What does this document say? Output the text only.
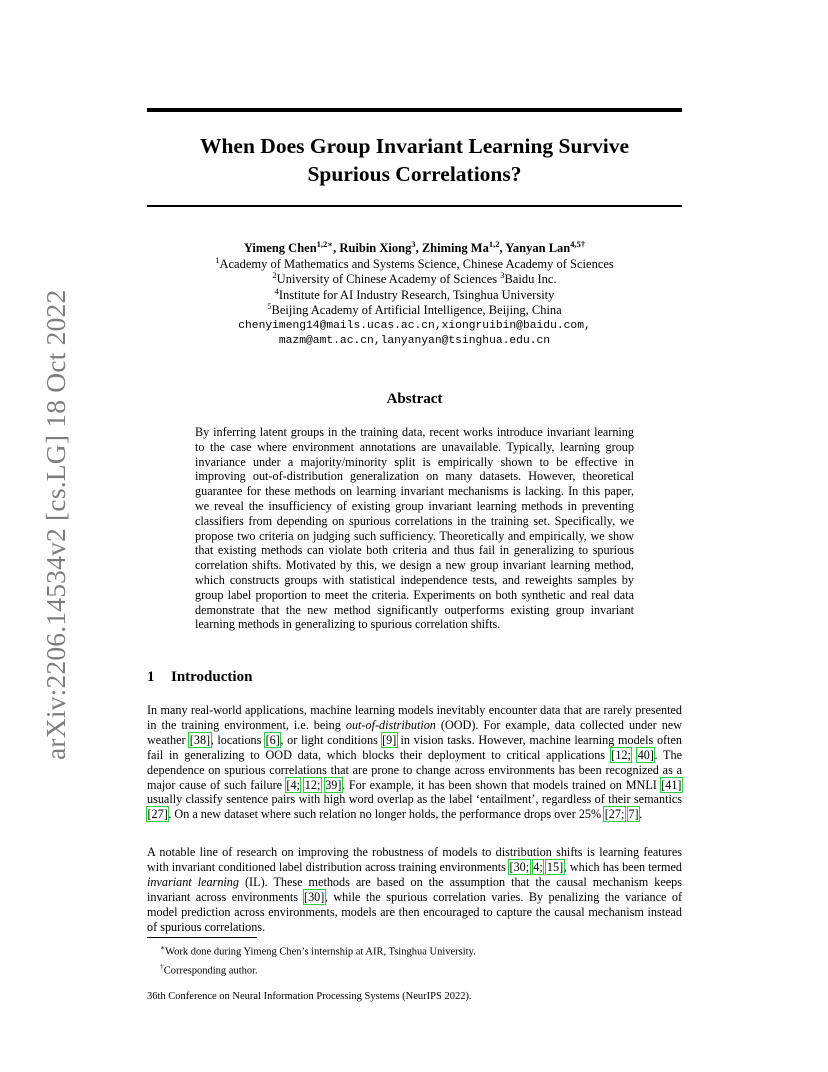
arXiv:2206.14534v2 [cs.LG] 18 Oct 2022
When Does Group Invariant Learning Survive
Spurious Correlations?
Yimeng Chen$^{1,2∗}$, Ruibin Xiong$^3$, Zhiming Ma$^{1,2}$, Yanyan Lan$^{4,5\dagger}$
$^1$Academy of Mathematics and Systems Science, Chinese Academy of Sciences
$^2$University of Chinese Academy of Sciences $^3$Baidu Inc.
$^4$Institute for AI Industry Research, Tsinghua University
$^5$Beijing Academy of Artificial Intelligence, Beijing, China
chenyimeng14@mails.ucas.ac.cn,xiongruibin@baidu.com,
mazm@amt.ac.cn,lanyanyan@tsinghua.edu.cn
Abstract
By inferring latent groups in the training data, recent works introduce invariant learning to the case where environment annotations are unavailable. Typically, learning group invariance under a majority/minority split is empirically shown to be effective in improving out-of-distribution generalization on many datasets. However, theoretical guarantee for these methods on learning invariant mechanisms is lacking. In this paper, we reveal the insufficiency of existing group invariant learning methods in preventing classifiers from depending on spurious correlations in the training set. Specifically, we propose two criteria on judging such sufficiency. Theoretically and empirically, we show that existing methods can violate both criteria and thus fail in generalizing to spurious correlation shifts. Motivated by this, we design a new group invariant learning method, which constructs groups with statistical independence tests, and reweights samples by group label proportion to meet the criteria. Experiments on both synthetic and real data demonstrate that the new method significantly outperforms existing group invariant learning methods in generalizing to spurious correlation shifts.
1 Introduction
In many real-world applications, machine learning models inevitably encounter data that are rarely presented in the training environment, i.e. being out-of-distribution (OOD). For example, data collected under new weather [38], locations [6], or light conditions [9] in vision tasks. However, machine learning models often fail in generalizing to OOD data, which blocks their deployment to critical applications [12; 40]. The dependence on spurious correlations that are prone to change across environments has been recognized as a major cause of such failure [4; 12; 39]. For example, it has been shown that models trained on MNLI [41] usually classify sentence pairs with high word overlap as the label ‘entailment’, regardless of their semantics [27]. On a new dataset where such relation no longer holds, the performance drops over 25% [27; 7].
A notable line of research on improving the robustness of models to distribution shifts is learning features with invariant conditioned label distribution across training environments [30; 4; 15], which has been termed invariant learning (IL). These methods are based on the assumption that the causal mechanism keeps invariant across environments [30], while the spurious correlation varies. By penalizing the variance of model prediction across environments, models are then encouraged to capture the causal mechanism instead of spurious correlations.
∗Work done during Yimeng Chen’s internship at AIR, Tsinghua University.
†Corresponding author.
36th Conference on Neural Information Processing Systems (NeurIPS 2022).
